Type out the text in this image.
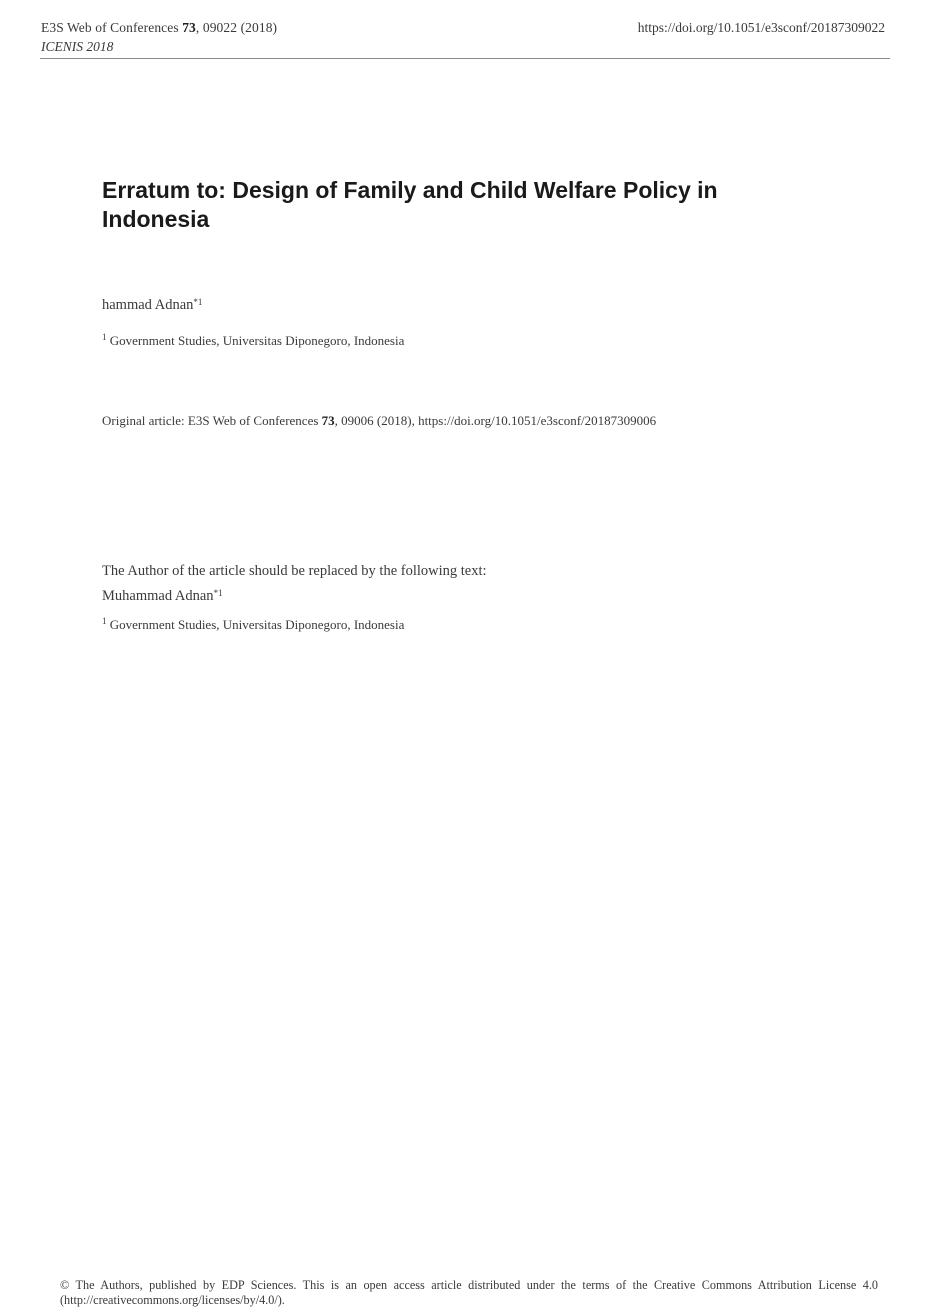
E3S Web of Conferences 73, 09022 (2018)
ICENIS 2018
https://doi.org/10.1051/e3sconf/20187309022
Erratum to: Design of Family and Child Welfare Policy in Indonesia
hammad Adnan$^{*1}$
$^1$ Government Studies, Universitas Diponegoro, Indonesia
Original article: E3S Web of Conferences 73, 09006 (2018), https://doi.org/10.1051/e3sconf/20187309006
The Author of the article should be replaced by the following text:
Muhammad Adnan$^{*1}$
$^1$ Government Studies, Universitas Diponegoro, Indonesia
© The Authors, published by EDP Sciences. This is an open access article distributed under the terms of the Creative Commons Attribution License 4.0 (http://creativecommons.org/licenses/by/4.0/).
